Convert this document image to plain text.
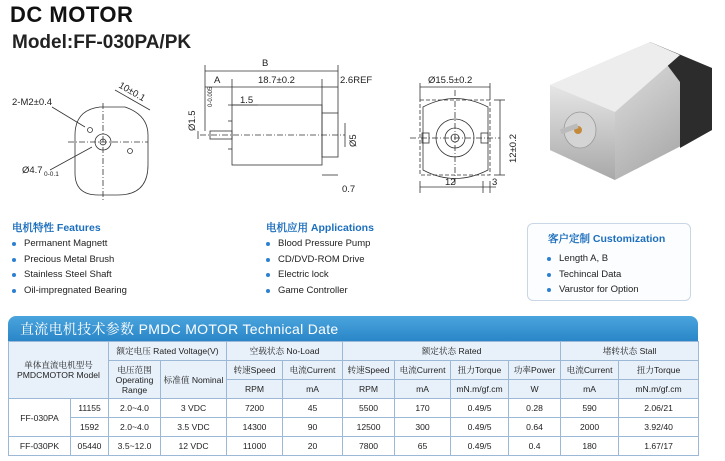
DC MOTOR
Model:FF-030PA/PK
2-M2±0.4
Ø4.7 0-0.1
10±0.1
B
A	18.7±0.2	2.6REF
1.5
Ø1.5
0-0.005
Ø5
0.7
Ø15.5±0.2
12±0.2
12	3
电机特性 Features
Permanent Magnett
Precious Metal Brush
Stainless Steel Shaft
Oil-impregnated Bearing
电机应用 Applications
Blood Pressure Pump
CD/DVD-ROM Drive
Electric lock
Game Controller
客户定制 Customization
Length A, B
Techincal Data
Varustor for Option
直流电机技术参数 PMDC MOTOR Technical Date
单体直流电机型号 PMDCMOTOR Model		额定电压 Rated Voltage(V)		空载状态 No-Load		额定状态 Rated				堵转状态 Stall	
		电压范围 Operating Range	标准值 Nominal	转速Speed	电流Current	转速Speed	电流Current	扭力Torque	功率Power	电流Current	扭力Torque
				RPM	mA	RPM	mA	mN.m/gf.cm	W	mA	mN.m/gf.cm
FF-030PA	11155	2.0~4.0	3 VDC	7200	45	5500	170	0.49/5	0.28	590	2.06/21
	1592	2.0~4.0	3.5 VDC	14300	90	12500	300	0.49/5	0.64	2000	3.92/40
FF-030PK	05440	3.5~12.0	12 VDC	11000	20	7800	65	0.49/5	0.4	180	1.67/17
